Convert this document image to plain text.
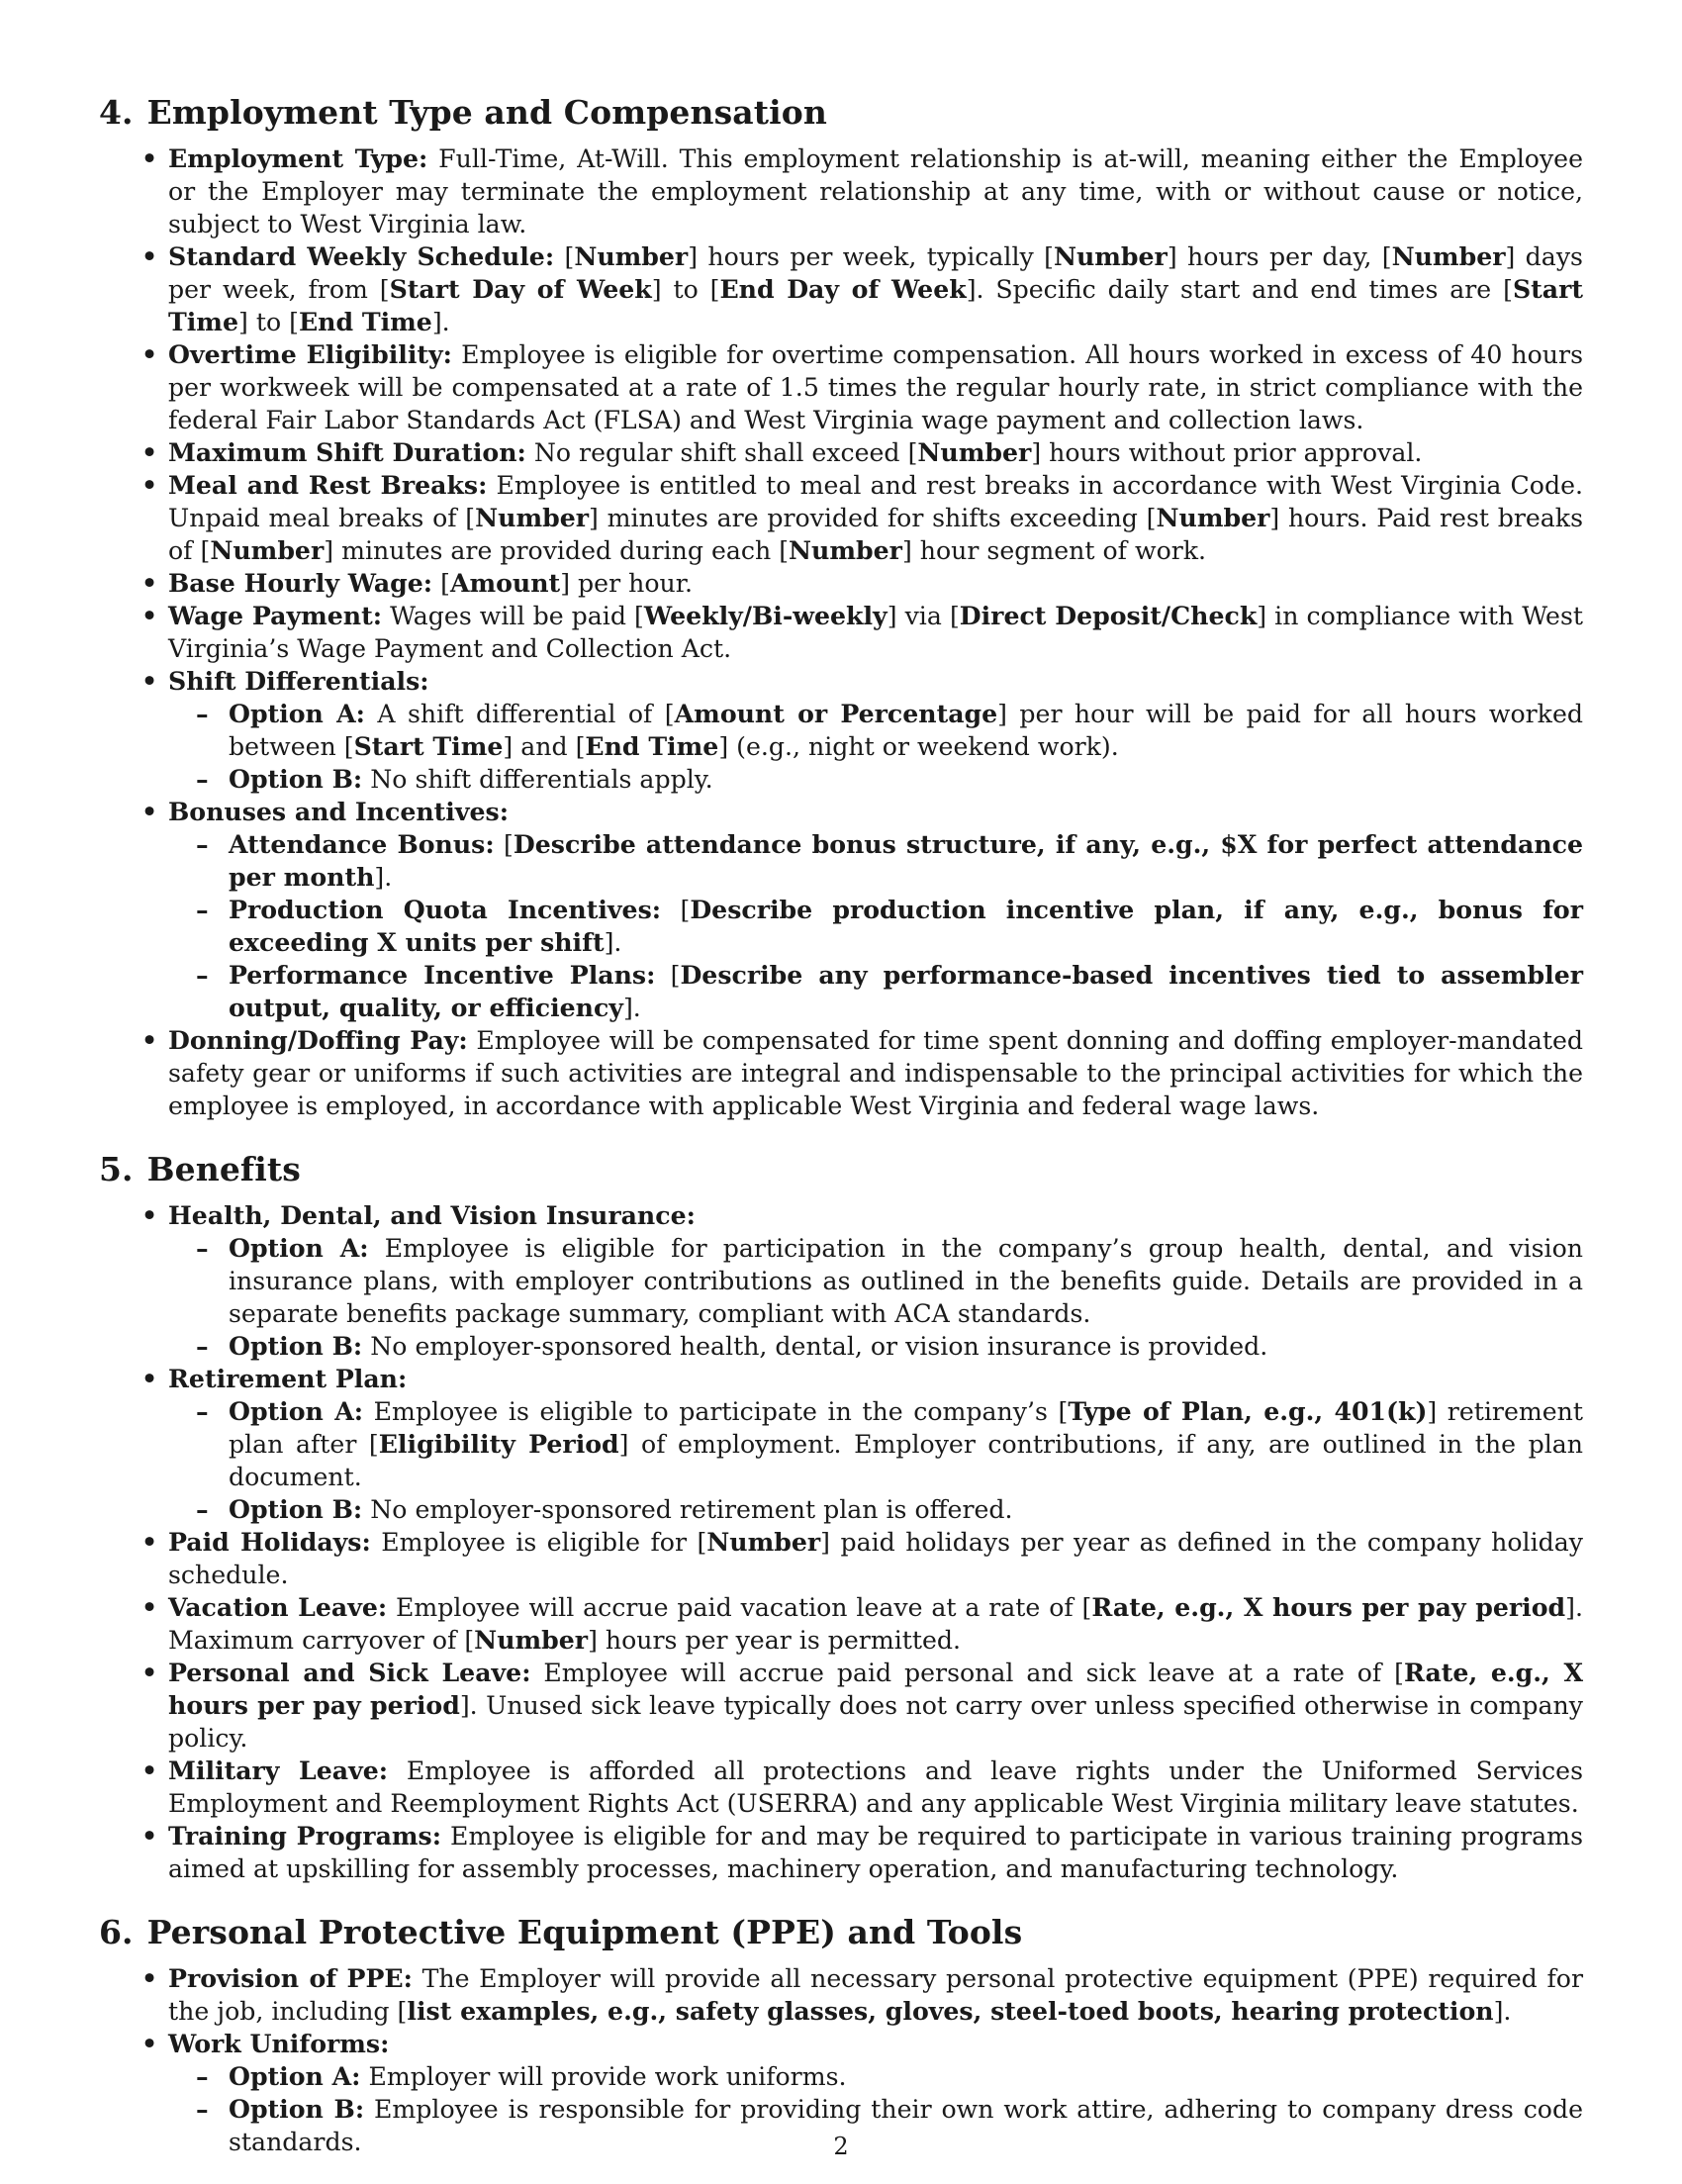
4. Employment Type and Compensation
• Employment Type: Full-Time, At-Will. This employment relationship is at-will, meaning either the Employee or the Employer may terminate the employment relationship at any time, with or without cause or notice, subject to West Virginia law.
• Standard Weekly Schedule: [Number] hours per week, typically [Number] hours per day, [Number] days per week, from [Start Day of Week] to [End Day of Week]. Specific daily start and end times are [Start Time] to [End Time].
• Overtime Eligibility: Employee is eligible for overtime compensation. All hours worked in excess of 40 hours per workweek will be compensated at a rate of 1.5 times the regular hourly rate, in strict compliance with the federal Fair Labor Standards Act (FLSA) and West Virginia wage payment and collection laws.
• Maximum Shift Duration: No regular shift shall exceed [Number] hours without prior approval.
• Meal and Rest Breaks: Employee is entitled to meal and rest breaks in accordance with West Virginia Code. Unpaid meal breaks of [Number] minutes are provided for shifts exceeding [Number] hours. Paid rest breaks of [Number] minutes are provided during each [Number] hour segment of work.
• Base Hourly Wage: [Amount] per hour.
• Wage Payment: Wages will be paid [Weekly/Bi-weekly] via [Direct Deposit/Check] in compliance with West Virginia’s Wage Payment and Collection Act.
• Shift Differentials:
– Option A: A shift differential of [Amount or Percentage] per hour will be paid for all hours worked between [Start Time] and [End Time] (e.g., night or weekend work).
– Option B: No shift differentials apply.
• Bonuses and Incentives:
– Attendance Bonus: [Describe attendance bonus structure, if any, e.g., $X for perfect attendance per month].
– Production Quota Incentives: [Describe production incentive plan, if any, e.g., bonus for exceeding X units per shift].
– Performance Incentive Plans: [Describe any performance-based incentives tied to assembler output, quality, or efficiency].
• Donning/Doffing Pay: Employee will be compensated for time spent donning and doffing employer-mandated safety gear or uniforms if such activities are integral and indispensable to the principal activities for which the employee is employed, in accordance with applicable West Virginia and federal wage laws.
5. Benefits
• Health, Dental, and Vision Insurance:
– Option A: Employee is eligible for participation in the company’s group health, dental, and vision insurance plans, with employer contributions as outlined in the benefits guide. Details are provided in a separate benefits package summary, compliant with ACA standards.
– Option B: No employer-sponsored health, dental, or vision insurance is provided.
• Retirement Plan:
– Option A: Employee is eligible to participate in the company’s [Type of Plan, e.g., 401(k)] retirement plan after [Eligibility Period] of employment. Employer contributions, if any, are outlined in the plan document.
– Option B: No employer-sponsored retirement plan is offered.
• Paid Holidays: Employee is eligible for [Number] paid holidays per year as defined in the company holiday schedule.
• Vacation Leave: Employee will accrue paid vacation leave at a rate of [Rate, e.g., X hours per pay period]. Maximum carryover of [Number] hours per year is permitted.
• Personal and Sick Leave: Employee will accrue paid personal and sick leave at a rate of [Rate, e.g., X hours per pay period]. Unused sick leave typically does not carry over unless specified otherwise in company policy.
• Military Leave: Employee is afforded all protections and leave rights under the Uniformed Services Employment and Reemployment Rights Act (USERRA) and any applicable West Virginia military leave statutes.
• Training Programs: Employee is eligible for and may be required to participate in various training programs aimed at upskilling for assembly processes, machinery operation, and manufacturing technology.
6. Personal Protective Equipment (PPE) and Tools
• Provision of PPE: The Employer will provide all necessary personal protective equipment (PPE) required for the job, including [list examples, e.g., safety glasses, gloves, steel-toed boots, hearing protection].
• Work Uniforms:
– Option A: Employer will provide work uniforms.
– Option B: Employee is responsible for providing their own work attire, adhering to company dress code standards.	2
